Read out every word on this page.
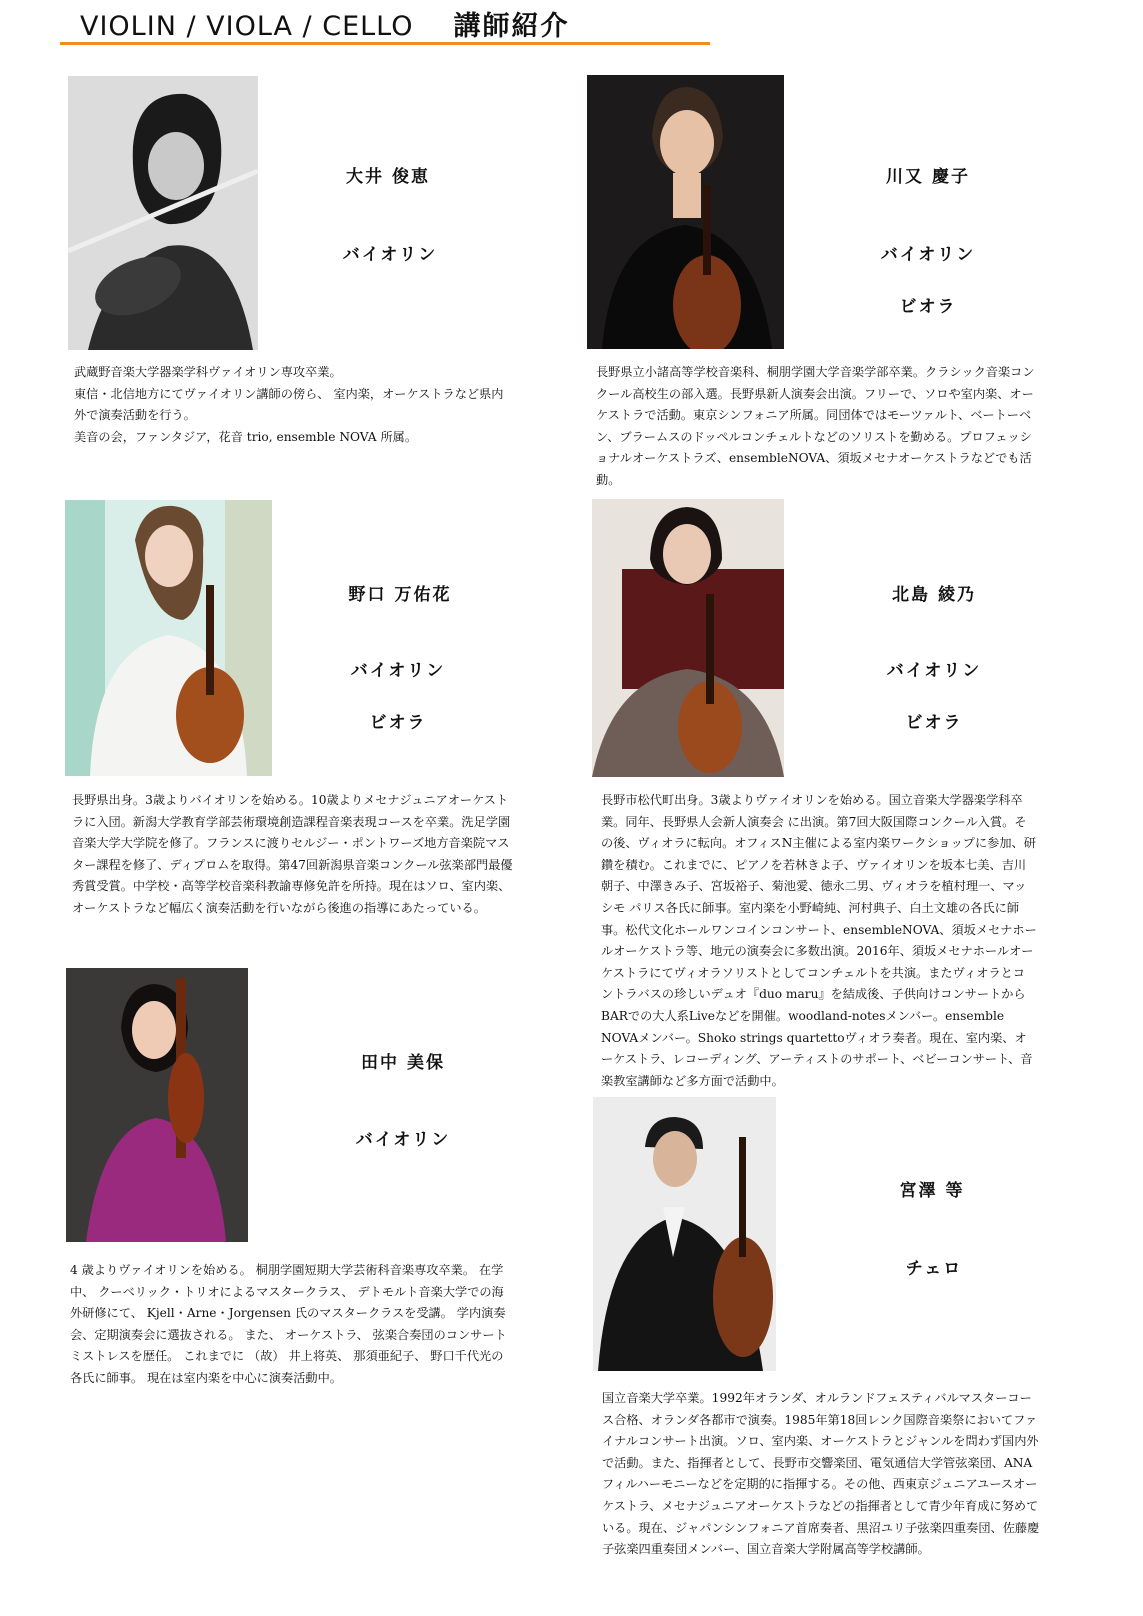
VIOLIN / VIOLA / CELLO 講師紹介
大井 俊恵
バイオリン

武蔵野音楽大学器楽学科ヴァイオリン専攻卒業。
東信・北信地方にてヴァイオリン講師の傍ら、 室内楽，オーケストラなど県内外で演奏活動を行う。
美音の会，ファンタジア，花音 trio, ensemble NOVA 所属。

川又 慶子
バイオリン
ビオラ

長野県立小諸高等学校音楽科、桐朋学園大学音楽学部卒業。クラシック音楽コンクール高校生の部入選。長野県新人演奏会出演。フリーで、ソロや室内楽、オーケストラで活動。東京シンフォニア所属。同団体ではモーツァルト、ベートーベン、ブラームスのドッペルコンチェルトなどのソリストを勤める。プロフェッショナルオーケストラズ、ensembleNOVA、須坂メセナオーケストラなどでも活動。

野口 万佑花
バイオリン
ビオラ

長野県出身。3歳よりバイオリンを始める。10歳よりメセナジュニアオーケストラに入団。新潟大学教育学部芸術環境創造課程音楽表現コースを卒業。洗足学園音楽大学大学院を修了。フランスに渡りセルジー・ポントワーズ地方音楽院マスター課程を修了、ディプロムを取得。第47回新潟県音楽コンクール弦楽部門最優秀賞受賞。中学校・高等学校音楽科教諭専修免許を所持。現在はソロ、室内楽、オーケストラなど幅広く演奏活動を行いながら後進の指導にあたっている。

北島 綾乃
バイオリン
ビオラ

長野市松代町出身。3歳よりヴァイオリンを始める。国立音楽大学器楽学科卒業。同年、長野県人会新人演奏会 に出演。第7回大阪国際コンクール入賞。その後、ヴィオラに転向。オフィスN主催による室内楽ワークショップに参加、研鑽を積む。これまでに、ピアノを若林きよ子、ヴァイオリンを坂本七美、吉川朝子、中澤きみ子、宮坂裕子、菊池愛、徳永二男、ヴィオラを植村理一、マッシモ パリス各氏に師事。室内楽を小野崎純、河村典子、白土文雄の各氏に師事。松代文化ホールワンコインコンサート、ensembleNOVA、須坂メセナホールオーケストラ等、地元の演奏会に多数出演。2016年、須坂メセナホールオーケストラにてヴィオラソリストとしてコンチェルトを共演。またヴィオラとコントラバスの珍しいデュオ『duo maru』を結成後、子供向けコンサートからBARでの大人系Liveなどを開催。woodland-notesメンバー。ensemble NOVAメンバー。Shoko strings quartettoヴィオラ奏者。現在、室内楽、オーケストラ、レコーディング、アーティストのサポート、ベビーコンサート、音楽教室講師など多方面で活動中。

田中 美保
バイオリン

4 歳よりヴァイオリンを始める。 桐朋学園短期大学芸術科音楽専攻卒業。 在学中、 クーベリック・トリオによるマスタークラス、 デトモルト音楽大学での海外研修にて、 Kjell・Arne・Jorgensen 氏のマスタークラスを受講。 学内演奏会、定期演奏会に選抜される。 また、 オーケストラ、 弦楽合奏団のコンサートミストレスを歴任。 これまでに （故） 井上将英、 那須亜紀子、 野口千代光の各氏に師事。 現在は室内楽を中心に演奏活動中。

宮澤 等
チェロ

国立音楽大学卒業。1992年オランダ、オルランドフェスティバルマスターコース合格、オランダ各都市で演奏。1985年第18回レンク国際音楽祭においてファイナルコンサート出演。ソロ、室内楽、オーケストラとジャンルを問わず国内外で活動。また、指揮者として、長野市交響楽団、電気通信大学管弦楽団、ANAフィルハーモニーなどを定期的に指揮する。その他、西東京ジュニアユースオーケストラ、メセナジュニアオーケストラなどの指揮者として青少年育成に努めている。現在、ジャパンシンフォニア首席奏者、黒沼ユリ子弦楽四重奏団、佐藤慶子弦楽四重奏団メンバー、国立音楽大学附属高等学校講師。
